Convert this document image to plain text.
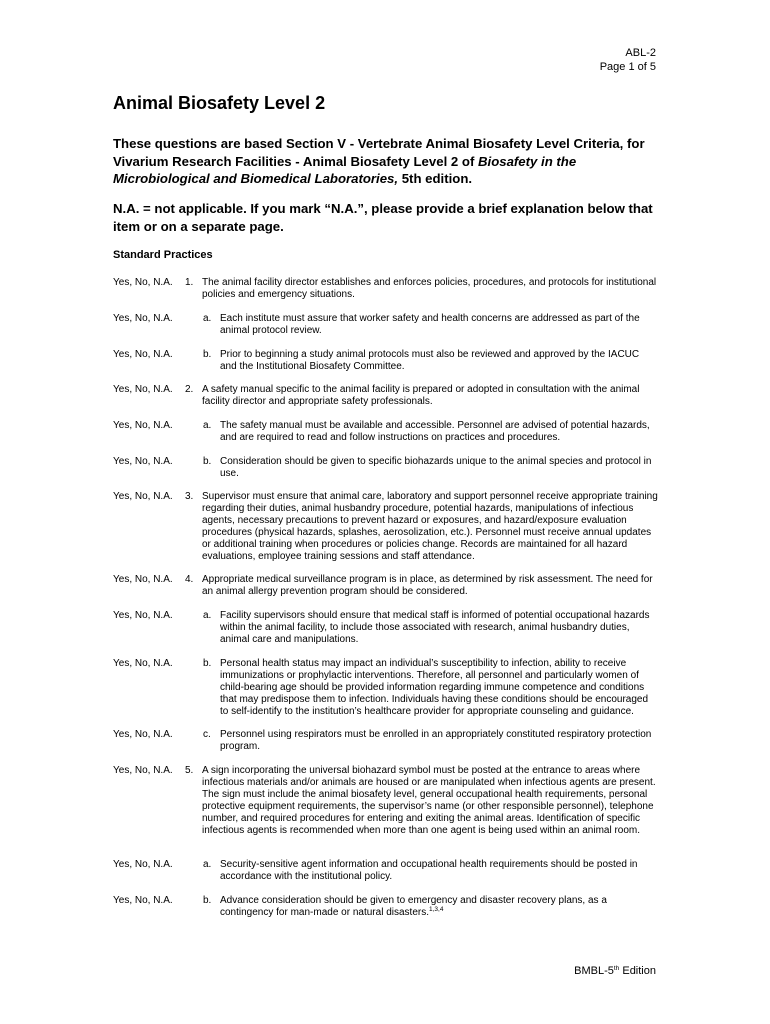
ABL-2
Page 1 of 5
Animal Biosafety Level 2

These questions are based Section V - Vertebrate Animal Biosafety Level Criteria, for Vivarium Research Facilities - Animal Biosafety Level 2 of Biosafety in the Microbiological and Biomedical Laboratories, 5th edition.

N.A. = not applicable. If you mark “N.A.”, please provide a brief explanation below that item or on a separate page.

Standard Practices

Yes, No, N.A. 1. The animal facility director establishes and enforces policies, procedures, and protocols for institutional policies and emergency situations.
Yes, No, N.A.	a. Each institute must assure that worker safety and health concerns are addressed as part of the animal protocol review.
Yes, No, N.A.	b. Prior to beginning a study animal protocols must also be reviewed and approved by the IACUC and the Institutional Biosafety Committee.
Yes, No, N.A. 2. A safety manual specific to the animal facility is prepared or adopted in consultation with the animal facility director and appropriate safety professionals.
Yes, No, N.A.	a. The safety manual must be available and accessible. Personnel are advised of potential hazards, and are required to read and follow instructions on practices and procedures.
Yes, No, N.A.	b. Consideration should be given to specific biohazards unique to the animal species and protocol in use.
Yes, No, N.A. 3. Supervisor must ensure that animal care, laboratory and support personnel receive appropriate training regarding their duties, animal husbandry procedure, potential hazards, manipulations of infectious agents, necessary precautions to prevent hazard or exposures, and hazard/exposure evaluation procedures (physical hazards, splashes, aerosolization, etc.). Personnel must receive annual updates or additional training when procedures or policies change. Records are maintained for all hazard evaluations, employee training sessions and staff attendance.
Yes, No, N.A. 4. Appropriate medical surveillance program is in place, as determined by risk assessment. The need for an animal allergy prevention program should be considered.
Yes, No, N.A.	a. Facility supervisors should ensure that medical staff is informed of potential occupational hazards within the animal facility, to include those associated with research, animal husbandry duties, animal care and manipulations.
Yes, No, N.A.	b. Personal health status may impact an individual’s susceptibility to infection, ability to receive immunizations or prophylactic interventions. Therefore, all personnel and particularly women of child-bearing age should be provided information regarding immune competence and conditions that may predispose them to infection. Individuals having these conditions should be encouraged to self-identify to the institution’s healthcare provider for appropriate counseling and guidance.
Yes, No, N.A.	c. Personnel using respirators must be enrolled in an appropriately constituted respiratory protection program.
Yes, No, N.A. 5. A sign incorporating the universal biohazard symbol must be posted at the entrance to areas where infectious materials and/or animals are housed or are manipulated when infectious agents are present. The sign must include the animal biosafety level, general occupational health requirements, personal protective equipment requirements, the supervisor’s name (or other responsible personnel), telephone number, and required procedures for entering and exiting the animal areas. Identification of specific infectious agents is recommended when more than one agent is being used within an animal room.
Yes, No, N.A.	a. Security-sensitive agent information and occupational health requirements should be posted in accordance with the institutional policy.
Yes, No, N.A.	b. Advance consideration should be given to emergency and disaster recovery plans, as a contingency for man-made or natural disasters.$^{1,3,4}$
BMBL-5th Edition
